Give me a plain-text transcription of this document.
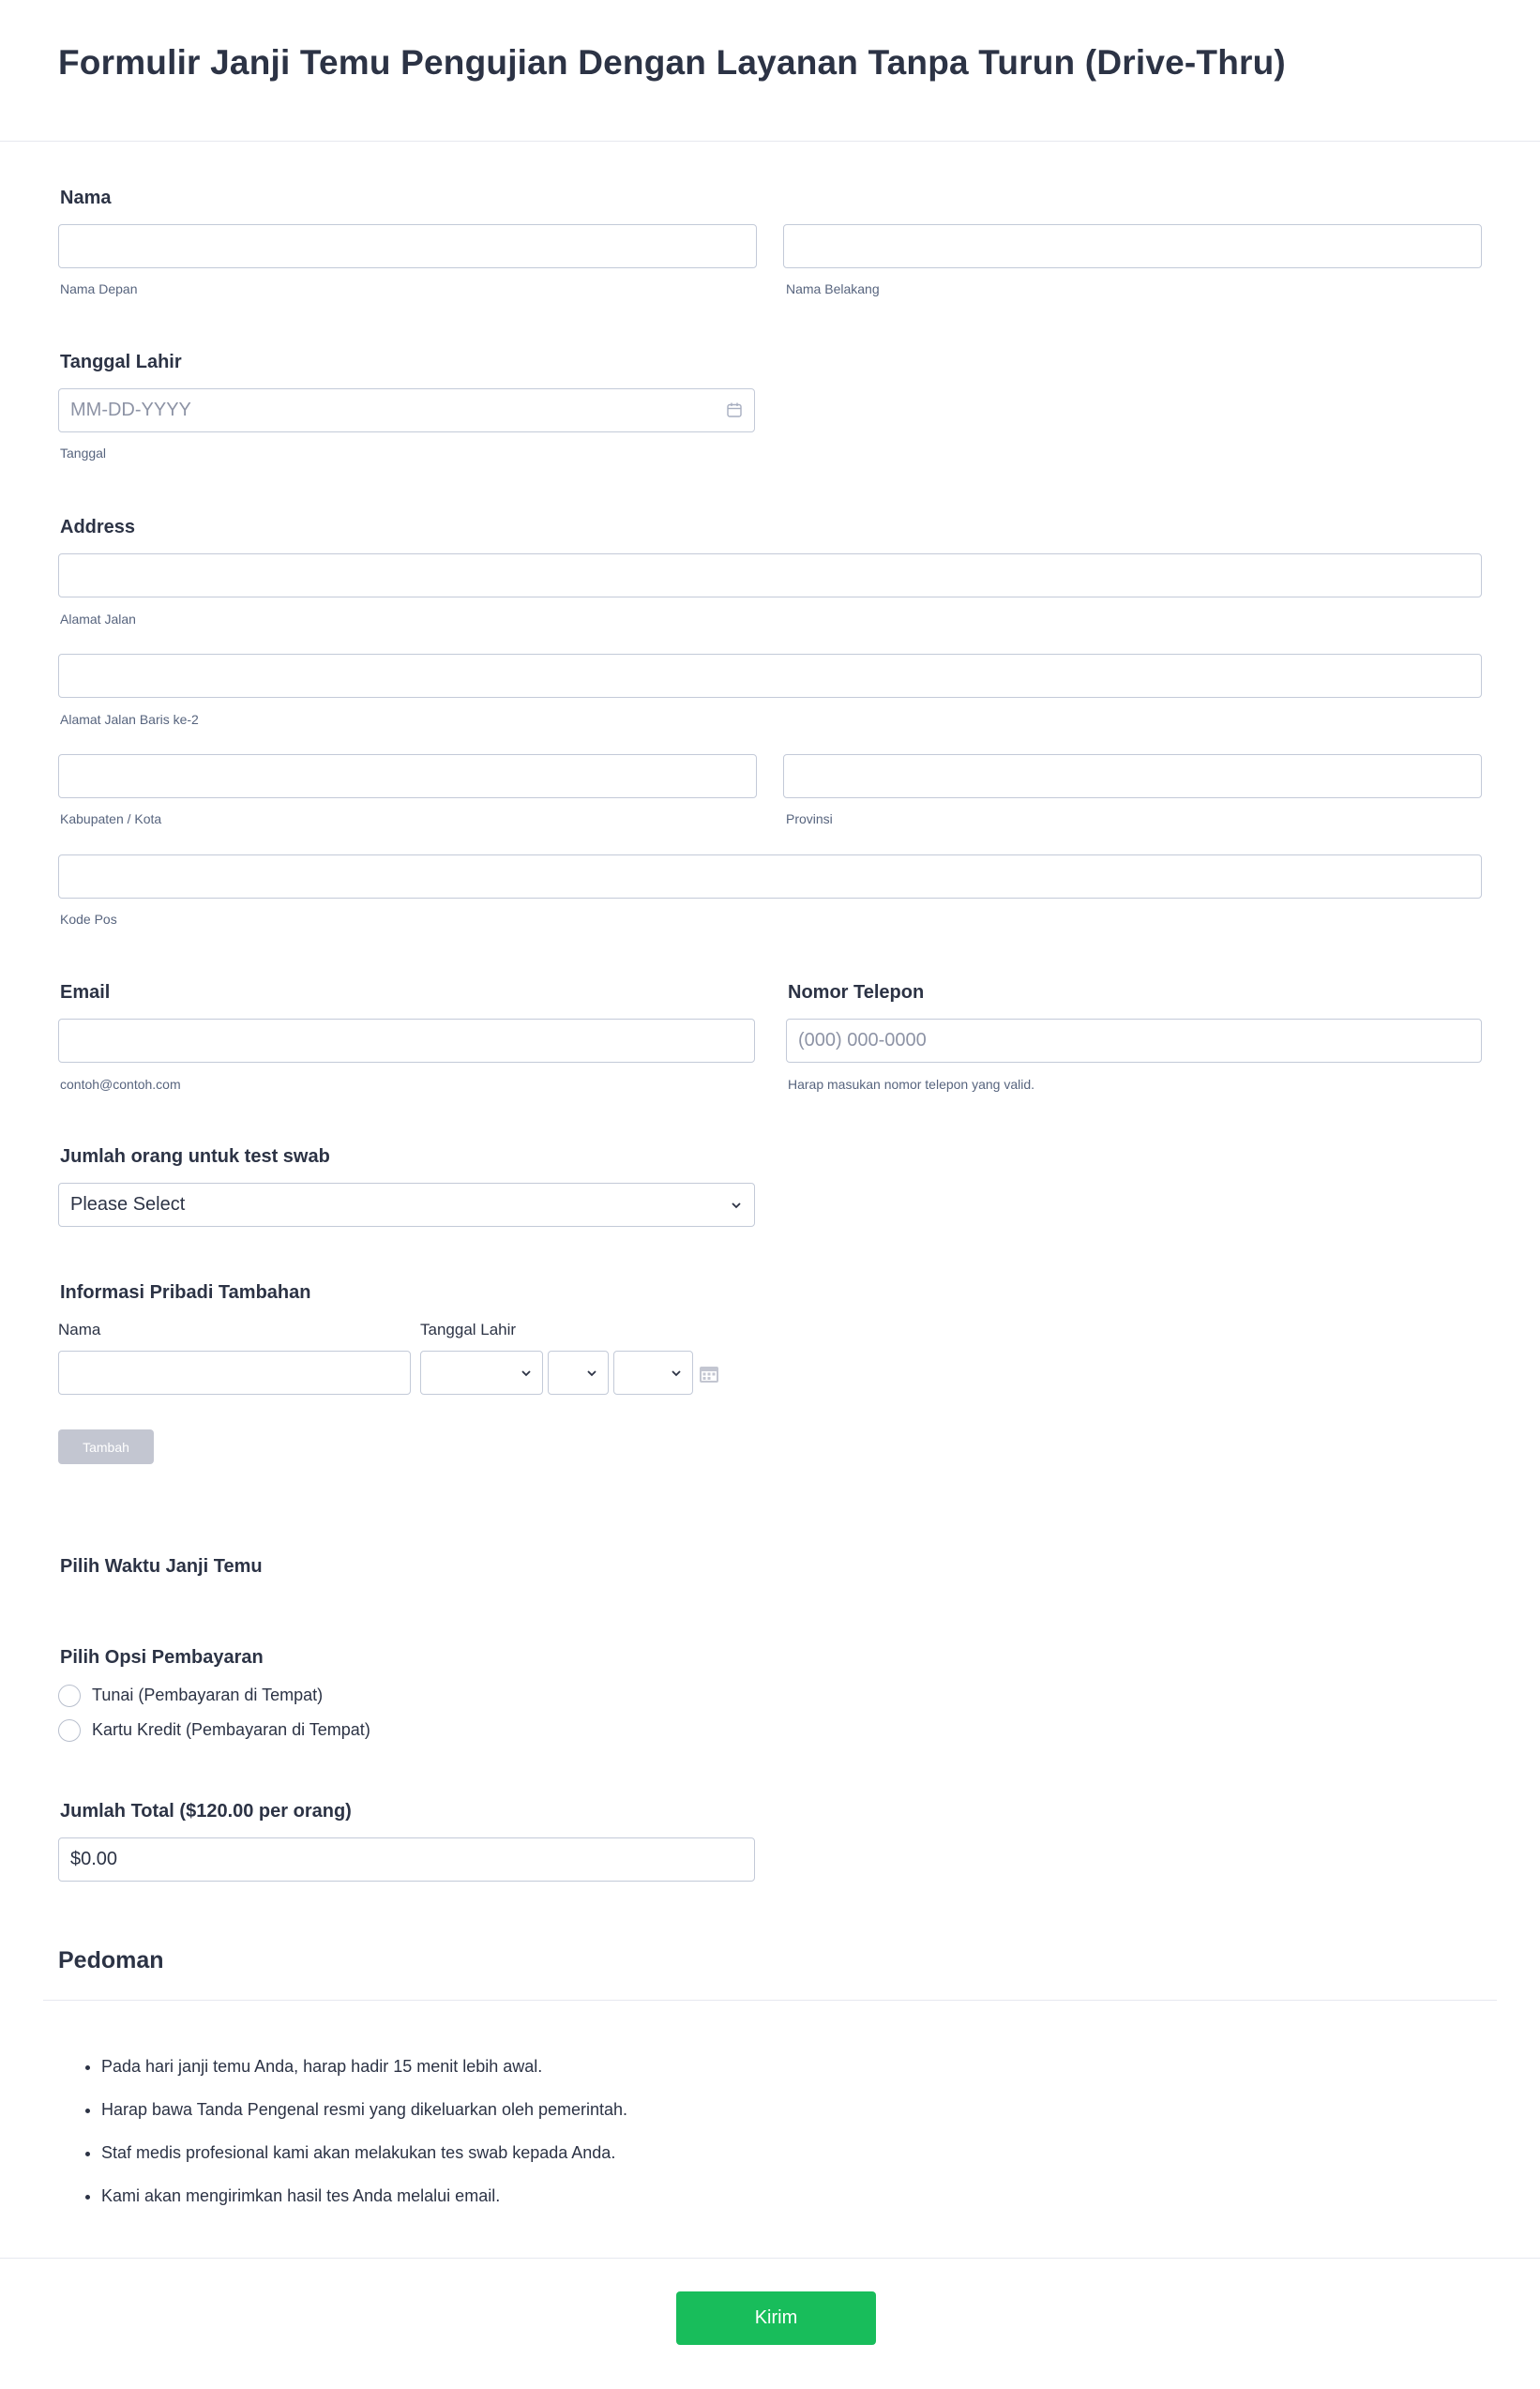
Formulir Janji Temu Pengujian Dengan Layanan Tanpa Turun (Drive-Thru)
Nama
Nama Depan	Nama Belakang
Tanggal Lahir
MM-DD-YYYY
Tanggal
Address
Alamat Jalan
Alamat Jalan Baris ke-2
Kabupaten / Kota	Provinsi
Kode Pos
Email	Nomor Telepon
(000) 000-0000
contoh@contoh.com	Harap masukan nomor telepon yang valid.
Jumlah orang untuk test swab
Please Select
Informasi Pribadi Tambahan
Nama	Tanggal Lahir
Tambah
Pilih Waktu Janji Temu
Pilih Opsi Pembayaran
Tunai (Pembayaran di Tempat)
Kartu Kredit (Pembayaran di Tempat)
Jumlah Total ($120.00 per orang)
$0.00
Pedoman
• Pada hari janji temu Anda, harap hadir 15 menit lebih awal.
• Harap bawa Tanda Pengenal resmi yang dikeluarkan oleh pemerintah.
• Staf medis profesional kami akan melakukan tes swab kepada Anda.
• Kami akan mengirimkan hasil tes Anda melalui email.
Kirim
